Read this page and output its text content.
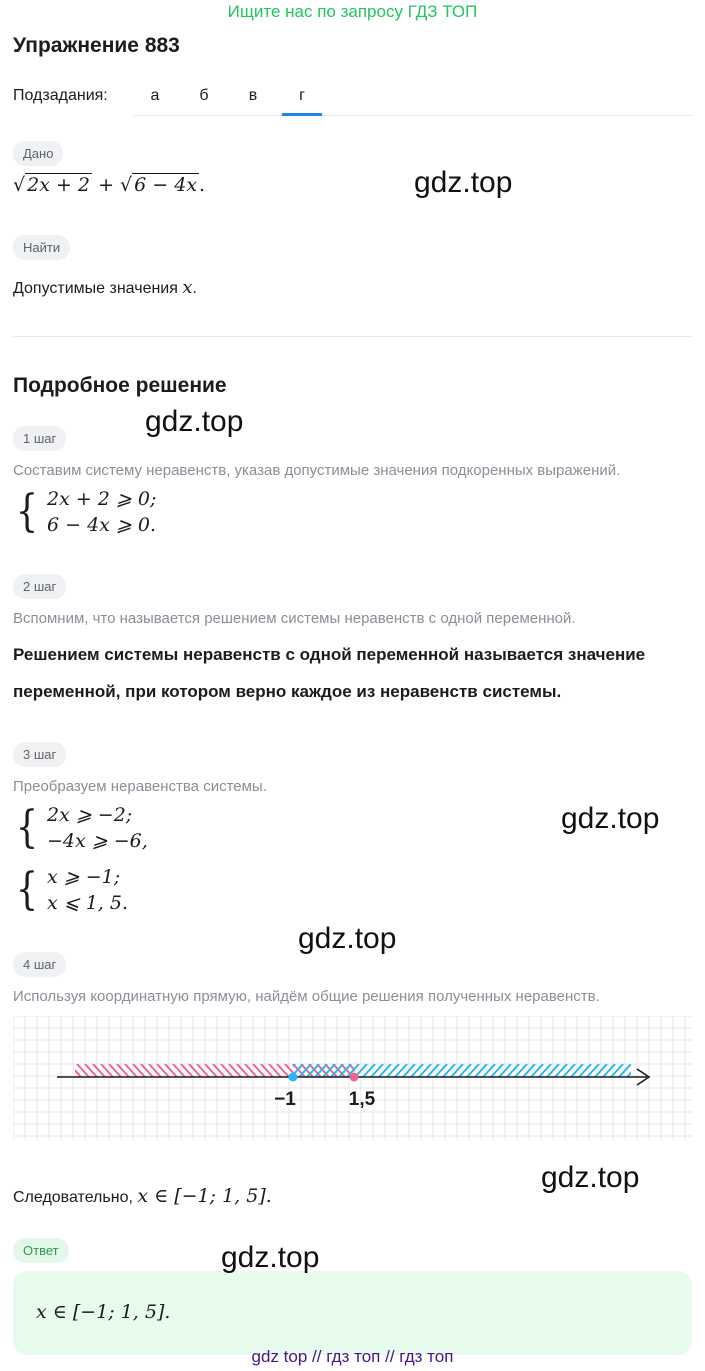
Ищите нас по запросу ГДЗ ТОП
Упражнение 883
Подзадания:	а	б	в	г
Дано
√ 2x + 2 + √ 6 − 4x .
Найти
Допустимые значения x.
Подробное решение
1 шаг
Составим систему неравенств, указав допустимые значения подкоренных выражений.
{ 2x + 2 ⩾ 0;
6 − 4x ⩾ 0.
2 шаг
Вспомним, что называется решением системы неравенств с одной переменной.
Решением системы неравенств с одной переменной называется значение
переменной, при котором верно каждое из неравенств системы.
3 шаг
Преобразуем неравенства системы.
{ 2x ⩾ −2;
−4x ⩾ −6,
{ x ⩾ −1;
x ⩽ 1, 5.
4 шаг
Используя координатную прямую, найдём общие решения полученных неравенств.
−1	1,5
Следовательно, x ∈ [−1; 1, 5].
Ответ
x ∈ [−1; 1, 5].
gdz.top
gdz.top
gdz.top
gdz.top
gdz.top
gdz.top
gdz top // гдз топ // гдз топ
